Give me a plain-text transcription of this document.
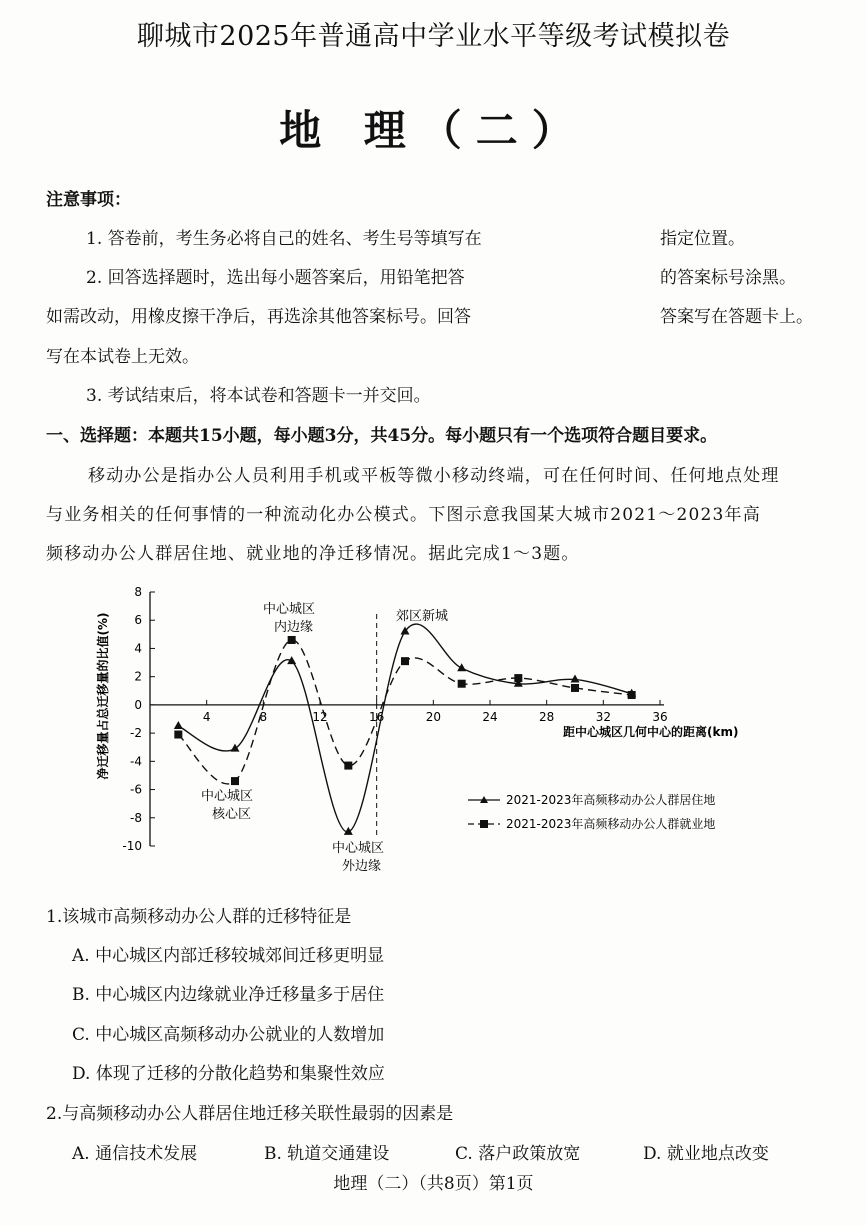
聊城市2025年普通高中学业水平等级考试模拟卷
地 理（二）
注意事项：
1. 答卷前，考生务必将自己的姓名、考生号等填写在	指定位置。
2. 回答选择题时，选出每小题答案后，用铅笔把答	的答案标号涂黑。
如需改动，用橡皮擦干净后，再选涂其他答案标号。回答	答案写在答题卡上。
写在本试卷上无效。
3. 考试结束后，将本试卷和答题卡一并交回。
一、选择题：本题共15小题，每小题3分，共45分。每小题只有一个选项符合题目要求。
移动办公是指办公人员利用手机或平板等微小移动终端，可在任何时间、任何地点处理
与业务相关的任何事情的一种流动化办公模式。下图示意我国某大城市2021～2023年高
频移动办公人群居住地、就业地的净迁移情况。据此完成1～3题。
净迁移量占总迁移量的比值(%)	距中心城区几何中心的距离(km)
中心城区
内边缘
郊区新城
中心城区
核心区
中心城区
外边缘
2021-2023年高频移动办公人群居住地
2021-2023年高频移动办公人群就业地
8
6
4
2
0
-2
-4
-6
-8
-10
4	8	12	16	20	24	28	32	36
1.该城市高频移动办公人群的迁移特征是
A. 中心城区内部迁移较城郊间迁移更明显
B. 中心城区内边缘就业净迁移量多于居住
C. 中心城区高频移动办公就业的人数增加
D. 体现了迁移的分散化趋势和集聚性效应
2.与高频移动办公人群居住地迁移关联性最弱的因素是
A. 通信技术发展	B. 轨道交通建设	C. 落户政策放宽	D. 就业地点改变
地理（二）（共8页）第1页
